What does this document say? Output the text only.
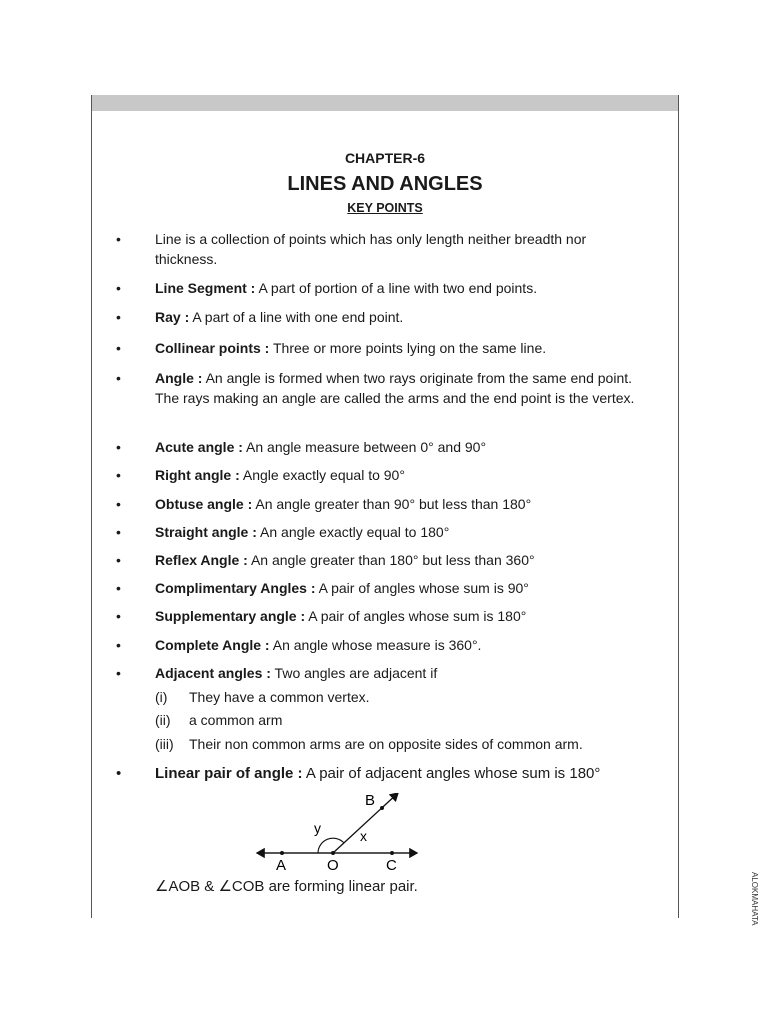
CHAPTER-6
LINES AND ANGLES
KEY POINTS
• Line is a collection of points which has only length neither breadth nor thickness.
• Line Segment : A part of portion of a line with two end points.
• Ray : A part of a line with one end point.
• Collinear points : Three or more points lying on the same line.
• Angle : An angle is formed when two rays originate from the same end point. The rays making an angle are called the arms and the end point is the vertex.
• Acute angle : An angle measure between 0° and 90°
• Right angle : Angle exactly equal to 90°
• Obtuse angle : An angle greater than 90° but less than 180°
• Straight angle : An angle exactly equal to 180°
• Reflex Angle : An angle greater than 180° but less than 360°
• Complimentary Angles : A pair of angles whose sum is 90°
• Supplementary angle : A pair of angles whose sum is 180°
• Complete Angle : An angle whose measure is 360°.
• Adjacent angles : Two angles are adjacent if
(i) They have a common vertex.
(ii) a common arm
(iii) Their non common arms are on opposite sides of common arm.
• Linear pair of angle : A pair of adjacent angles whose sum is 180°
B
y	x
A	O	C
∠AOB & ∠COB are forming linear pair.	ALOKMAHATA
